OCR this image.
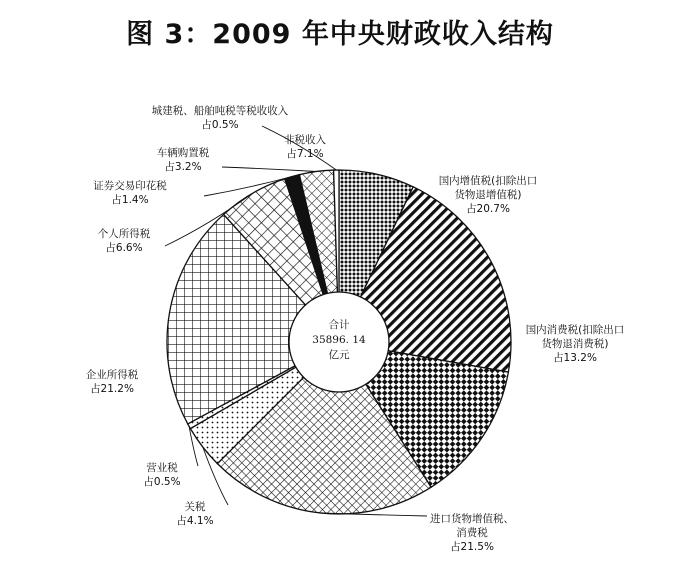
图 3：2009 年中央财政收入结构
非税收入占7.1%
国内增值税(扣除出口货物退增值税)占20.7%
国内消费税(扣除出口货物退消费税)占13.2%
进口货物增值税、消费税占21.5%
关税占4.1%
营业税占0.5%
企业所得税占21.2%
个人所得税占6.6%
证券交易印花税占1.4%
车辆购置税占3.2%
城建税、船舶吨税等税收收入占0.5%
合计 35896. 14 亿元
